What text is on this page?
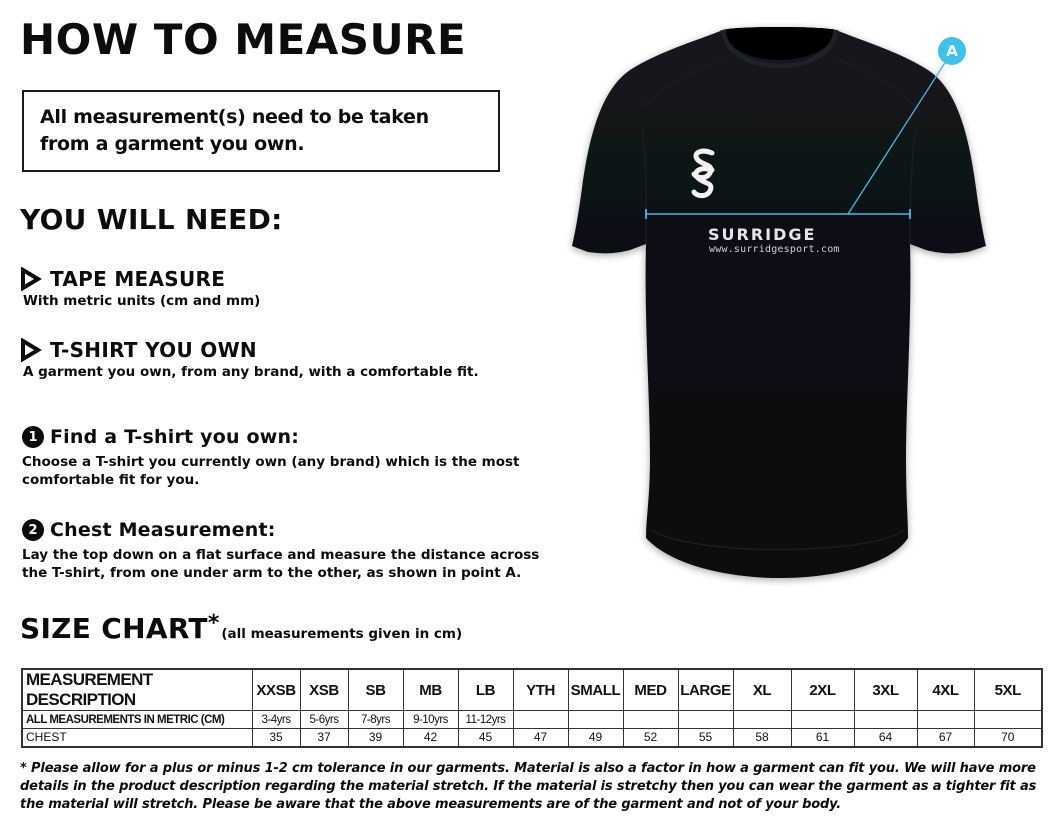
HOW TO MEASURE

All measurement(s) need to be taken from a garment you own.

YOU WILL NEED:
TAPE MEASURE
With metric units (cm and mm)
T-SHIRT YOU OWN
A garment you own, from any brand, with a comfortable fit.
1 Find a T-shirt you own:

Choose a T-shirt you currently own (any brand) which is the most comfortable fit for you.

2 Chest Measurement:

Lay the top down on a flat surface and measure the distance across the T-shirt, from one under arm to the other, as shown in point A.

SURRIDGE
www.surridgesport.com
A
SIZE CHART * (all measurements given in cm)
MEASUREMENT DESCRIPTION	XXSB	XSB	SB	MB	LB	YTH	SMALL	MED	LARGE	XL	2XL	3XL	4XL	5XL
ALL MEASUREMENTS IN METRIC (CM)	3-4yrs	5-6yrs	7-8yrs	9-10yrs	11-12yrs									
CHEST	35	37	39	42	45	47	49	52	55	58	61	64	67	70

* Please allow for a plus or minus 1-2 cm tolerance in our garments. Material is also a factor in how a garment can fit you. We will have more details in the product description regarding the material stretch. If the material is stretchy then you can wear the garment as a tighter fit as the material will stretch. Please be aware that the above measurements are of the garment and not of your body.
